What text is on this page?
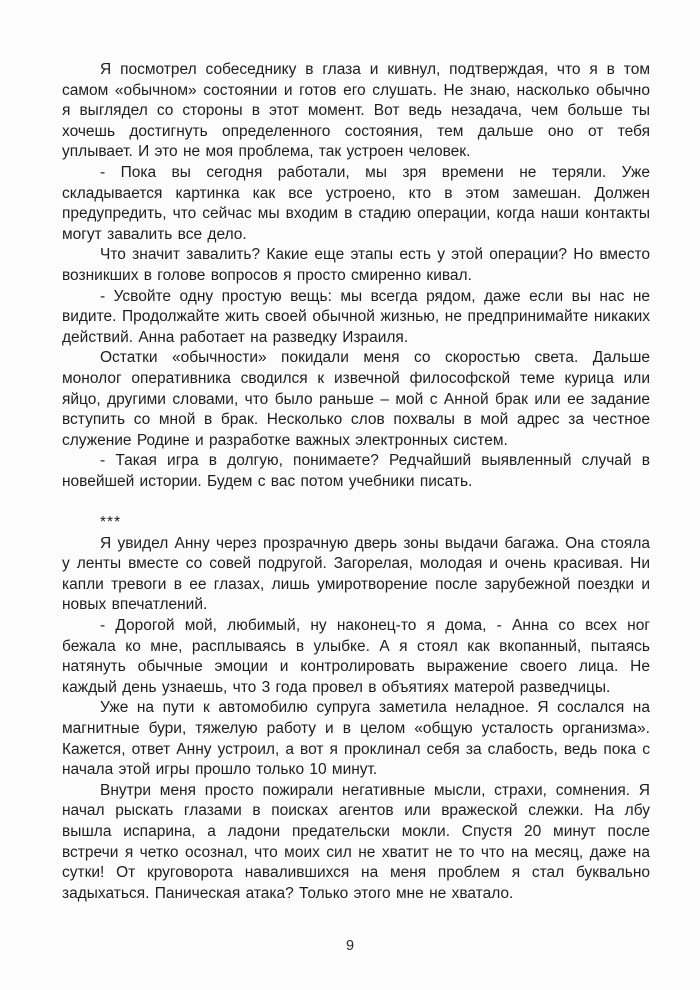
Я посмотрел собеседнику в глаза и кивнул, подтверждая, что я в том самом «обычном» состоянии и готов его слушать. Не знаю, насколько обычно я выглядел со стороны в этот момент. Вот ведь незадача, чем больше ты хочешь достигнуть определенного состояния, тем дальше оно от тебя уплывает. И это не моя проблема, так устроен человек.

- Пока вы сегодня работали, мы зря времени не теряли. Уже складывается картинка как все устроено, кто в этом замешан. Должен предупредить, что сейчас мы входим в стадию операции, когда наши контакты могут завалить все дело.

Что значит завалить? Какие еще этапы есть у этой операции? Но вместо возникших в голове вопросов я просто смиренно кивал.

- Усвойте одну простую вещь: мы всегда рядом, даже если вы нас не видите. Продолжайте жить своей обычной жизнью, не предпринимайте никаких действий. Анна работает на разведку Израиля.

Остатки «обычности» покидали меня со скоростью света. Дальше монолог оперативника сводился к извечной философской теме курица или яйцо, другими словами, что было раньше – мой с Анной брак или ее задание вступить со мной в брак. Несколько слов похвалы в мой адрес за честное служение Родине и разработке важных электронных систем.

- Такая игра в долгую, понимаете? Редчайший выявленный случай в новейшей истории. Будем с вас потом учебники писать.

***

Я увидел Анну через прозрачную дверь зоны выдачи багажа. Она стояла у ленты вместе со совей подругой. Загорелая, молодая и очень красивая. Ни капли тревоги в ее глазах, лишь умиротворение после зарубежной поездки и новых впечатлений.

- Дорогой мой, любимый, ну наконец-то я дома, - Анна со всех ног бежала ко мне, расплываясь в улыбке. А я стоял как вкопанный, пытаясь натянуть обычные эмоции и контролировать выражение своего лица. Не каждый день узнаешь, что 3 года провел в объятиях матерой разведчицы.

Уже на пути к автомобилю супруга заметила неладное. Я сослался на магнитные бури, тяжелую работу и в целом «общую усталость организма». Кажется, ответ Анну устроил, а вот я проклинал себя за слабость, ведь пока с начала этой игры прошло только 10 минут.

Внутри меня просто пожирали негативные мысли, страхи, сомнения. Я начал рыскать глазами в поисках агентов или вражеской слежки. На лбу вышла испарина, а ладони предательски мокли. Спустя 20 минут после встречи я четко осознал, что моих сил не хватит не то что на месяц, даже на сутки! От круговорота навалившихся на меня проблем я стал буквально задыхаться. Паническая атака? Только этого мне не хватало.

9
